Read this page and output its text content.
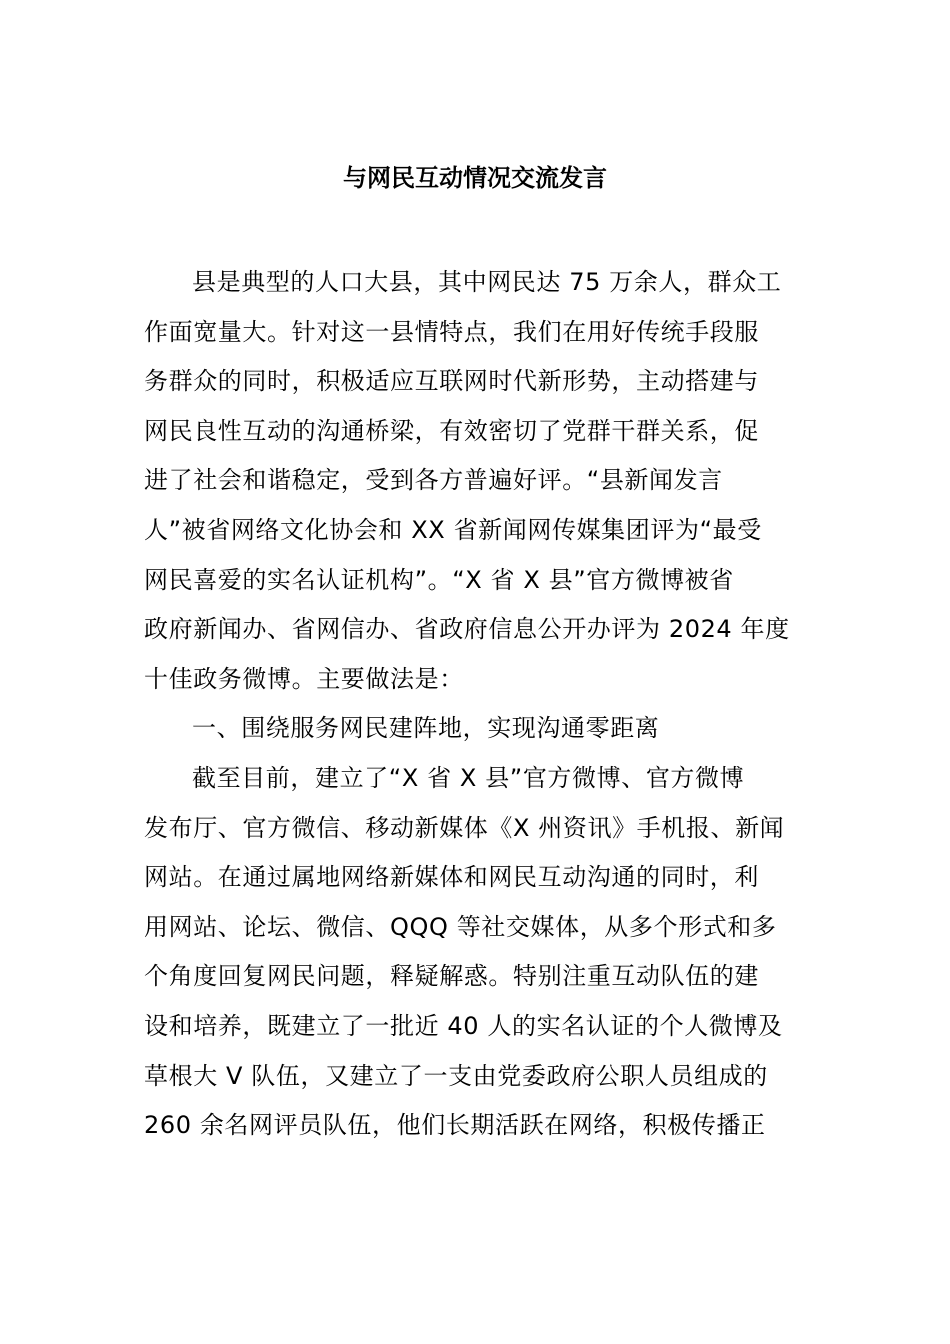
与网民互动情况交流发言
县是典型的人口大县，其中网民达 75 万余人，群众工
作面宽量大。针对这一县情特点，我们在用好传统手段服
务群众的同时，积极适应互联网时代新形势，主动搭建与
网民良性互动的沟通桥梁，有效密切了党群干群关系，促
进了社会和谐稳定，受到各方普遍好评。“县新闻发言
人”被省网络文化协会和 XX 省新闻网传媒集团评为“最受
网民喜爱的实名认证机构”。“X 省 X 县”官方微博被省
政府新闻办、省网信办、省政府信息公开办评为 2024 年度
十佳政务微博。主要做法是：
一、围绕服务网民建阵地，实现沟通零距离
截至目前，建立了“X 省 X 县”官方微博、官方微博
发布厅、官方微信、移动新媒体《X 州资讯》手机报、新闻
网站。在通过属地网络新媒体和网民互动沟通的同时，利
用网站、论坛、微信、QQQ 等社交媒体，从多个形式和多
个角度回复网民问题，释疑解惑。特别注重互动队伍的建
设和培养，既建立了一批近 40 人的实名认证的个人微博及
草根大 V 队伍，又建立了一支由党委政府公职人员组成的
260 余名网评员队伍，他们长期活跃在网络，积极传播正
